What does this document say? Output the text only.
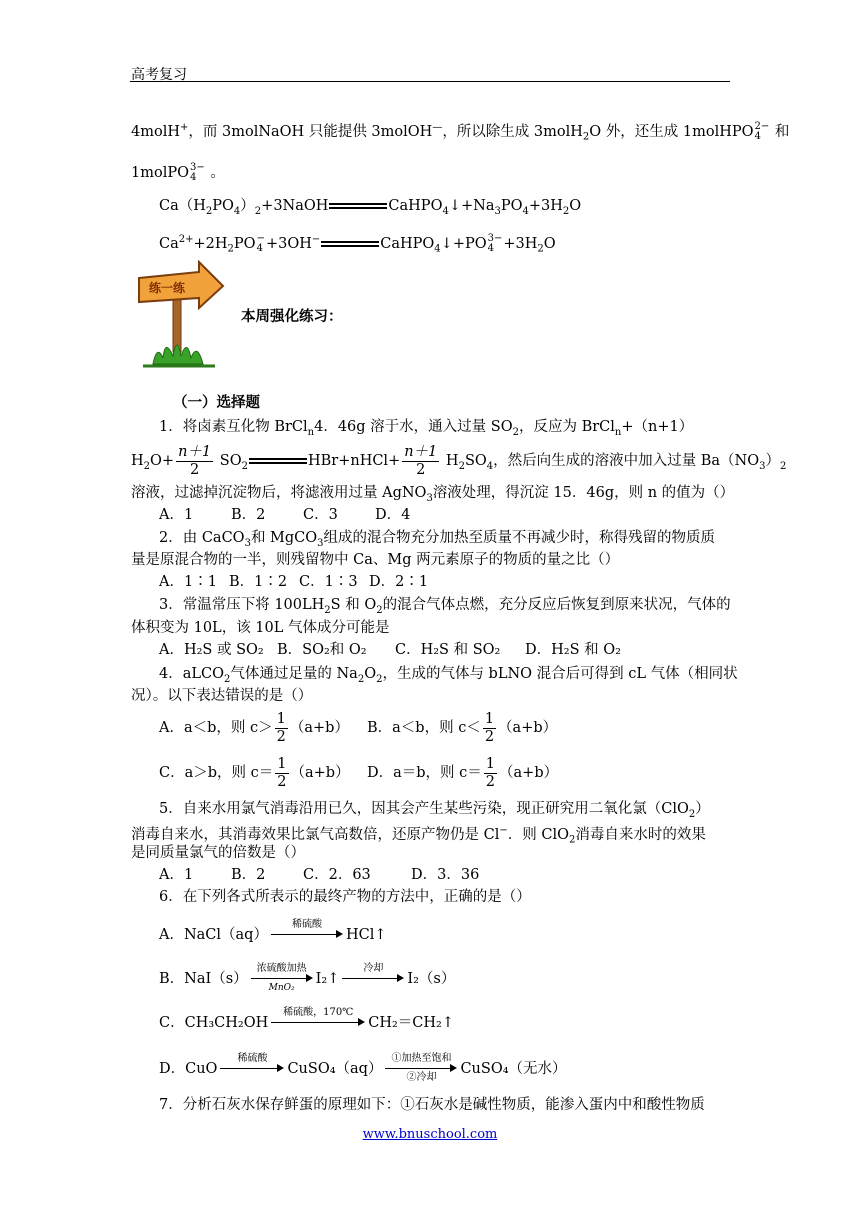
高考复习
4molH+，而 3molNaOH 只能提供 3molOH—，所以除生成 3molH$_2$O 外，还生成 1molHPO 2−
4 和
1molPO 3−
4 。
$Ca(H_2PO_4)_2+3NaOH$	$CaHPO_4↓+Na_3PO_4+3H_2O$
$Ca^{2+}+2H_2PO$ −
4 +3OH−	CaHPO$_4$↓+PO 3−
$4 +3H_2O$
练一练
本周强化练习：
（一）选择题
1．将卤素互化物 BrCl$_n$4．46g 溶于水，通入过量 $SO_2$，反应为 BrCl$_n$+（n+1）
$H_2O+ \frac{n+1}{2} SO_2$	HBr+nHCl+ $\frac{n+1}{2} H_2SO_4$，然后向生成的溶液中加入过量 $Ba(NO_3)_2$
溶液，过滤掉沉淀物后，将滤液用过量 AgNO$_3$溶液处理，得沉淀 15．46g，则 n 的值为（）
A．1	B．2	C．3	D．4
2．由 CaCO$_3$和 MgCO$_3$组成的混合物充分加热至质量不再减少时，称得残留的物质质
量是原混合物的一半，则残留物中 Ca、Mg 两元素原子的物质的量之比（）
A．1∶1 B．1∶2 C．1∶3 D．2∶1
3．常温常压下将 $100LH_2S$ 和 $O_2$的混合气体点燃，充分反应后恢复到原来状况，气体的
体积变为 10L，该 10L 气体成分可能是
A．H₂S 或 SO₂ B．SO₂和 O₂ C．H₂S 和 SO₂ D．H₂S 和 O₂
4．aLCO$_2$气体通过足量的 $Na_2O_2$，生成的气体与 bLNO 混合后可得到 cL 气体（相同状
况）。以下表达错误的是（）
A．a＜b，则 $c> \frac{1}{2} (a+b)$ B．a＜b，则 $c< \frac{1}{2} (a+b)$
C．a＞b，则 $c= \frac{1}{2} (a+b)$ D．a＝b，则 $c= \frac{1}{2} (a+b)$
5．自来水用氯气消毒沿用已久，因其会产生某些污染，现正研究用二氧化氯（ClO$_2$）
消毒自来水，其消毒效果比氯气高数倍，还原产物仍是 Cl−．则 ClO$_2$消毒自来水时的效果
是同质量氯气的倍数是（）
A．1	B．2	C．2．63	D．3．36
6．在下列各式所表示的最终产物的方法中，正确的是（）
A．NaCl（aq）
稀硫酸
HCl↑
B．NaI（s）
浓硫酸加热
MnO₂
I₂↑
冷却
I₂（s）
C．CH₃CH₂OH
稀硫酸，170℃
CH₂＝CH₂↑
D．CuO
稀硫酸
CuSO₄（aq）
①加热至饱和
②冷却
CuSO₄（无水）
7．分析石灰水保存鲜蛋的原理如下：①石灰水是碱性物质，能渗入蛋内中和酸性物质
www.bnuschool.com
